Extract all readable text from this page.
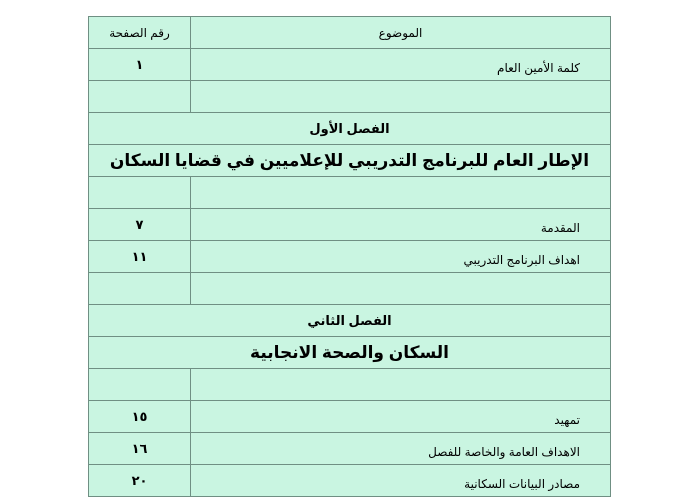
الموضوع	رقم الصفحة
كلمة الأمين العام	١

الفصل الأول	
الإطار العام للبرنامج التدريبي للإعلاميين في قضايا السكان	

المقدمة	٧
اهداف البرنامج التدريبي	١١

الفصل الثاني	
السكان والصحة الانجابية	

تمهيد	١٥
الاهداف العامة والخاصة للفصل	١٦
مصادر البيانات السكانية	٢٠
